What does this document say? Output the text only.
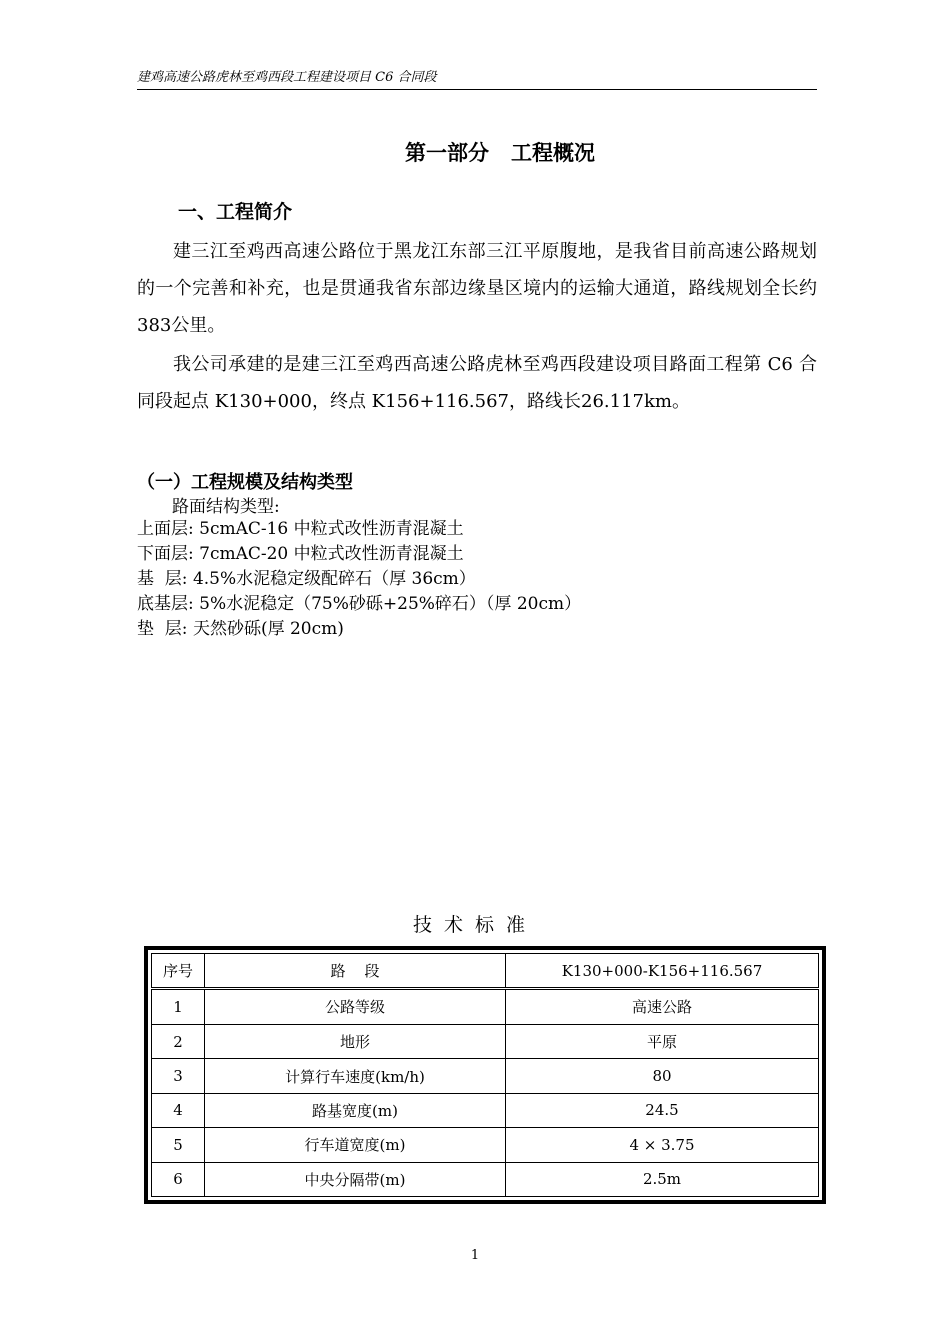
建鸡高速公路虎林至鸡西段工程建设项目 C6 合同段
第一部分 工程概况
一、工程简介
建三江至鸡西高速公路位于黑龙江东部三江平原腹地，是我省目前高速公路规划的一个完善和补充，也是贯通我省东部边缘垦区境内的运输大通道，路线规划全长约383公里。
我公司承建的是建三江至鸡西高速公路虎林至鸡西段建设项目路面工程第 C6 合同段起点 K130+000，终点 K156+116.567，路线长26.117km。
（一）工程规模及结构类型
路面结构类型:
上面层: 5cmAC-16 中粒式改性沥青混凝土
下面层: 7cmAC-20 中粒式改性沥青混凝土
基  层: 4.5%水泥稳定级配碎石（厚 36cm）
底基层: 5%水泥稳定（75%砂砾+25%碎石）（厚 20cm）
垫  层: 天然砂砾(厚 20cm)
技术标准
序号	路    段	K130+000-K156+116.567
1	公路等级	高速公路
2	地形	平原
3	计算行车速度(km/h)	80
4	路基宽度(m)	24.5
5	行车道宽度(m)	4 × 3.75
6	中央分隔带(m)	2.5m
1
